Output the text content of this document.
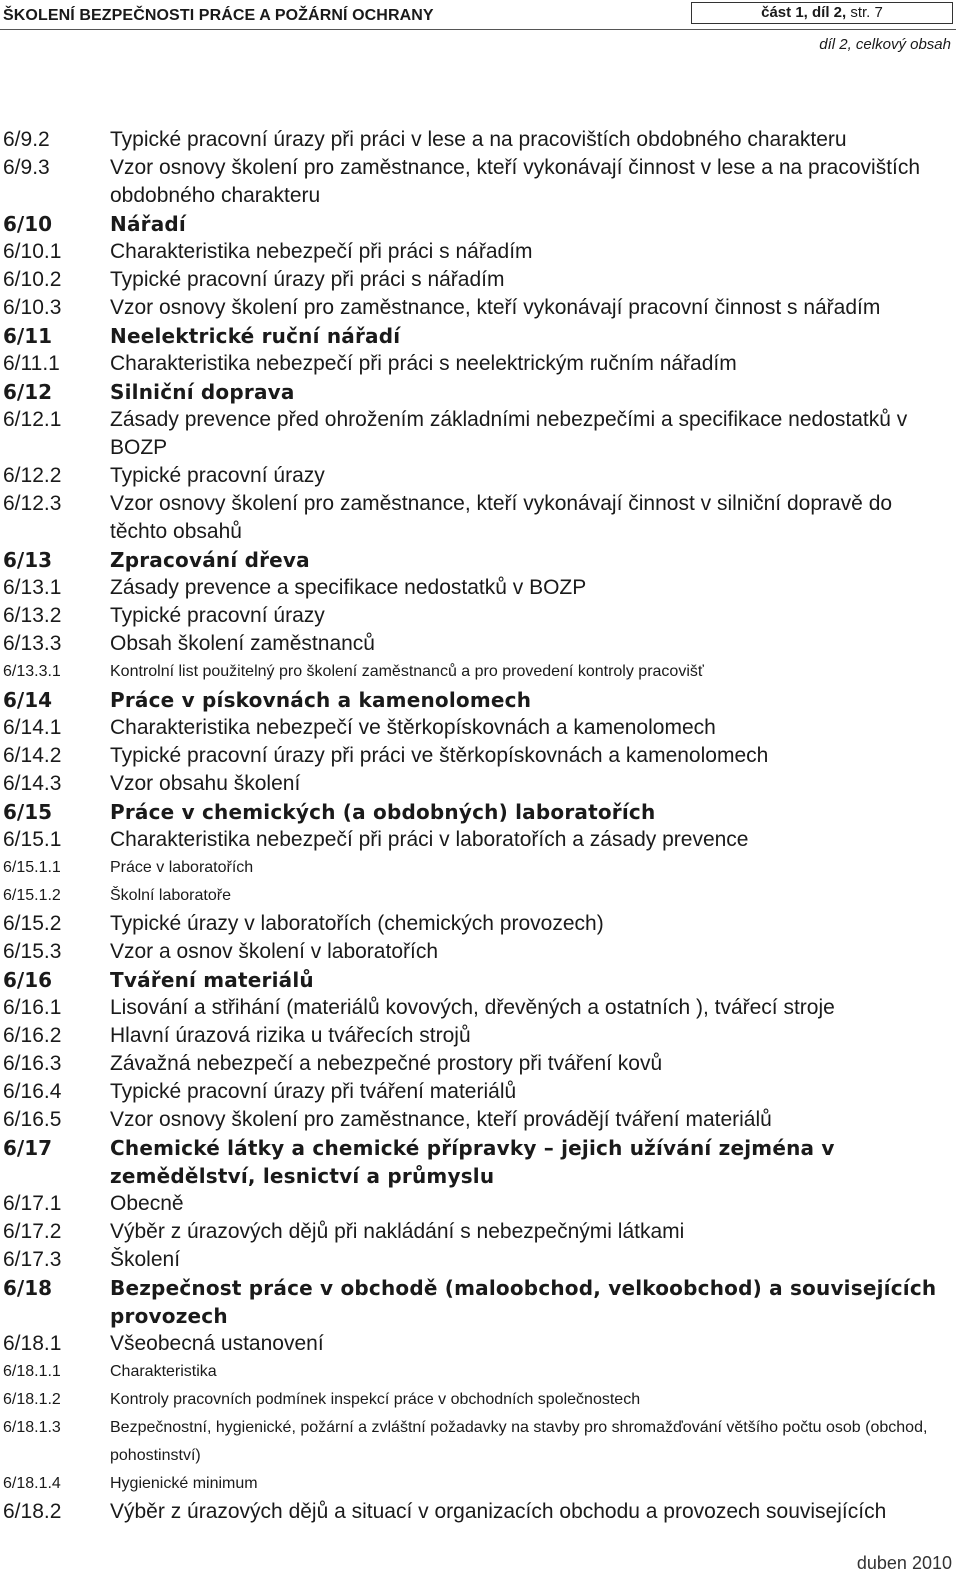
ŠKOLENÍ BEZPEČNOSTI PRÁCE A POŽÁRNÍ OCHRANY	část 1, díl 2, str. 7
díl 2, celkový obsah
6/9.2	Typické pracovní úrazy při práci v lese a na pracovištích obdobného charakteru
6/9.3	Vzor osnovy školení pro zaměstnance, kteří vykonávají činnost v lese a na pracovištích obdobného charakteru
6/10	Nářadí
6/10.1	Charakteristika nebezpečí při práci s nářadím
6/10.2	Typické pracovní úrazy při práci s nářadím
6/10.3	Vzor osnovy školení pro zaměstnance, kteří vykonávají pracovní činnost s nářadím
6/11	Neelektrické ruční nářadí
6/11.1	Charakteristika nebezpečí při práci s neelektrickým ručním nářadím
6/12	Silniční doprava
6/12.1	Zásady prevence před ohrožením základními nebezpečími a specifikace nedostatků v BOZP
6/12.2	Typické pracovní úrazy
6/12.3	Vzor osnovy školení pro zaměstnance, kteří vykonávají činnost v silniční dopravě do těchto obsahů
6/13	Zpracování dřeva
6/13.1	Zásady prevence a specifikace nedostatků v BOZP
6/13.2	Typické pracovní úrazy
6/13.3	Obsah školení zaměstnanců
6/13.3.1	Kontrolní list použitelný pro školení zaměstnanců a pro provedení kontroly pracovišť
6/14	Práce v pískovnách a kamenolomech
6/14.1	Charakteristika nebezpečí ve štěrkopískovnách a kamenolomech
6/14.2	Typické pracovní úrazy při práci ve štěrkopískovnách a kamenolomech
6/14.3	Vzor obsahu školení
6/15	Práce v chemických (a obdobných) laboratořích
6/15.1	Charakteristika nebezpečí při práci v laboratořích a zásady prevence
6/15.1.1	Práce v laboratořích
6/15.1.2	Školní laboratoře
6/15.2	Typické úrazy v laboratořích (chemických provozech)
6/15.3	Vzor a osnov školení v laboratořích
6/16	Tváření materiálů
6/16.1	Lisování a střihání (materiálů kovových, dřevěných a ostatních ), tvářecí stroje
6/16.2	Hlavní úrazová rizika u tvářecích strojů
6/16.3	Závažná nebezpečí a nebezpečné prostory při tváření kovů
6/16.4	Typické pracovní úrazy při tváření materiálů
6/16.5	Vzor osnovy školení pro zaměstnance, kteří provádějí tváření materiálů
6/17	Chemické látky a chemické přípravky – jejich užívání zejména v zemědělství, lesnictví a průmyslu
6/17.1	Obecně
6/17.2	Výběr z úrazových dějů při nakládání s nebezpečnými látkami
6/17.3	Školení
6/18	Bezpečnost práce v obchodě (maloobchod, velkoobchod) a souvisejících provozech
6/18.1	Všeobecná ustanovení
6/18.1.1	Charakteristika
6/18.1.2	Kontroly pracovních podmínek inspekcí práce v obchodních společnostech
6/18.1.3	Bezpečnostní, hygienické, požární a zvláštní požadavky na stavby pro shromažďování většího počtu osob (obchod, pohostinství)
6/18.1.4	Hygienické minimum
6/18.2	Výběr z úrazových dějů a situací v organizacích obchodu a provozech souvisejících
duben 2010
